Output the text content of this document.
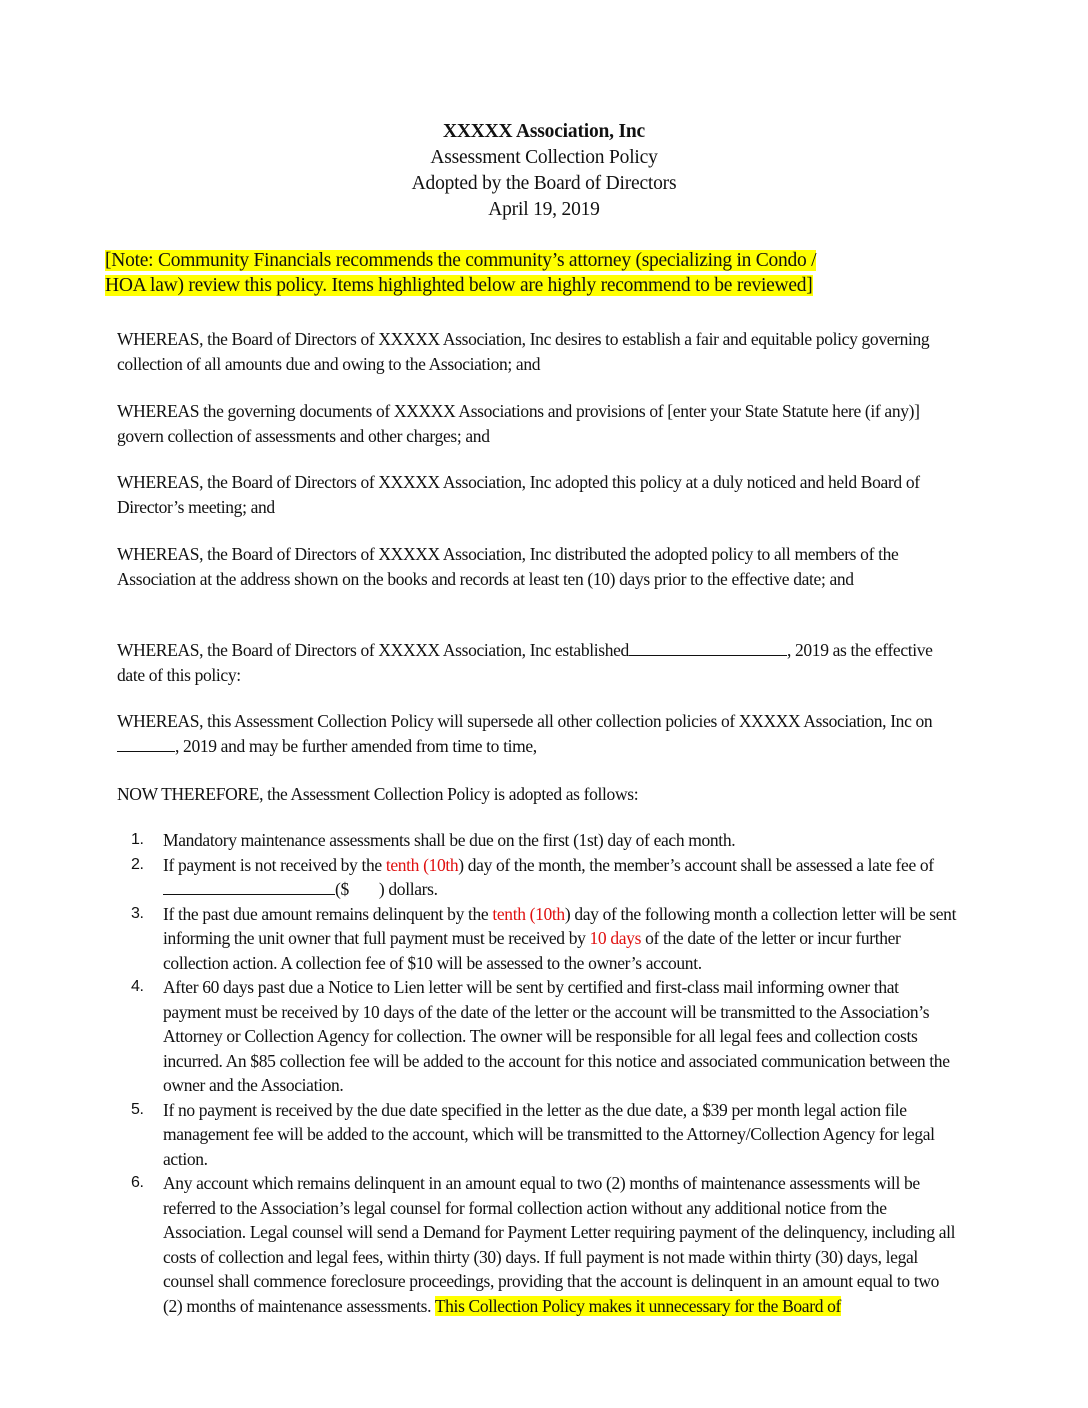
XXXXX Association, Inc
Assessment Collection Policy
Adopted by the Board of Directors
April 19, 2019
[Note: Community Financials recommends the community’s attorney (specializing in Condo /
HOA law) review this policy. Items highlighted below are highly recommend to be reviewed]
WHEREAS, the Board of Directors of XXXXX Association, Inc desires to establish a fair and equitable policy governing collection of all amounts due and owing to the Association; and
WHEREAS the governing documents of XXXXX Associations and provisions of [enter your State Statute here (if any)] govern collection of assessments and other charges; and
WHEREAS, the Board of Directors of XXXXX Association, Inc adopted this policy at a duly noticed and held Board of Director’s meeting; and
WHEREAS, the Board of Directors of XXXXX Association, Inc distributed the adopted policy to all members of the Association at the address shown on the books and records at least ten (10) days prior to the effective date; and
WHEREAS, the Board of Directors of XXXXX Association, Inc established	, 2019 as the effective date of this policy:
WHEREAS, this Assessment Collection Policy will supersede all other collection policies of XXXXX Association, Inc on, 2019 and may be further amended from time to time,
NOW THEREFORE, the Assessment Collection Policy is adopted as follows:
1. Mandatory maintenance assessments shall be due on the first (1st) day of each month.
2. If payment is not received by the tenth (10th) day of the month, the member’s account shall be assessed a late fee of ($ ) dollars.
3. If the past due amount remains delinquent by the tenth (10th) day of the following month a collection letter will be sent informing the unit owner that full payment must be received by 10 days of the date of the letter or incur further collection action. A collection fee of $10 will be assessed to the owner’s account.
4. After 60 days past due a Notice to Lien letter will be sent by certified and first-class mail informing owner that payment must be received by 10 days of the date of the letter or the account will be transmitted to the Association’s Attorney or Collection Agency for collection. The owner will be responsible for all legal fees and collection costs incurred. An $85 collection fee will be added to the account for this notice and associated communication between the owner and the Association.
5. If no payment is received by the due date specified in the letter as the due date, a $39 per month legal action file management fee will be added to the account, which will be transmitted to the Attorney/Collection Agency for legal action.
6. Any account which remains delinquent in an amount equal to two (2) months of maintenance assessments will be referred to the Association’s legal counsel for formal collection action without any additional notice from the Association. Legal counsel will send a Demand for Payment Letter requiring payment of the delinquency, including all costs of collection and legal fees, within thirty (30) days. If full payment is not made within thirty (30) days, legal counsel shall commence foreclosure proceedings, providing that the account is delinquent in an amount equal to two (2) months of maintenance assessments. This Collection Policy makes it unnecessary for the Board of
